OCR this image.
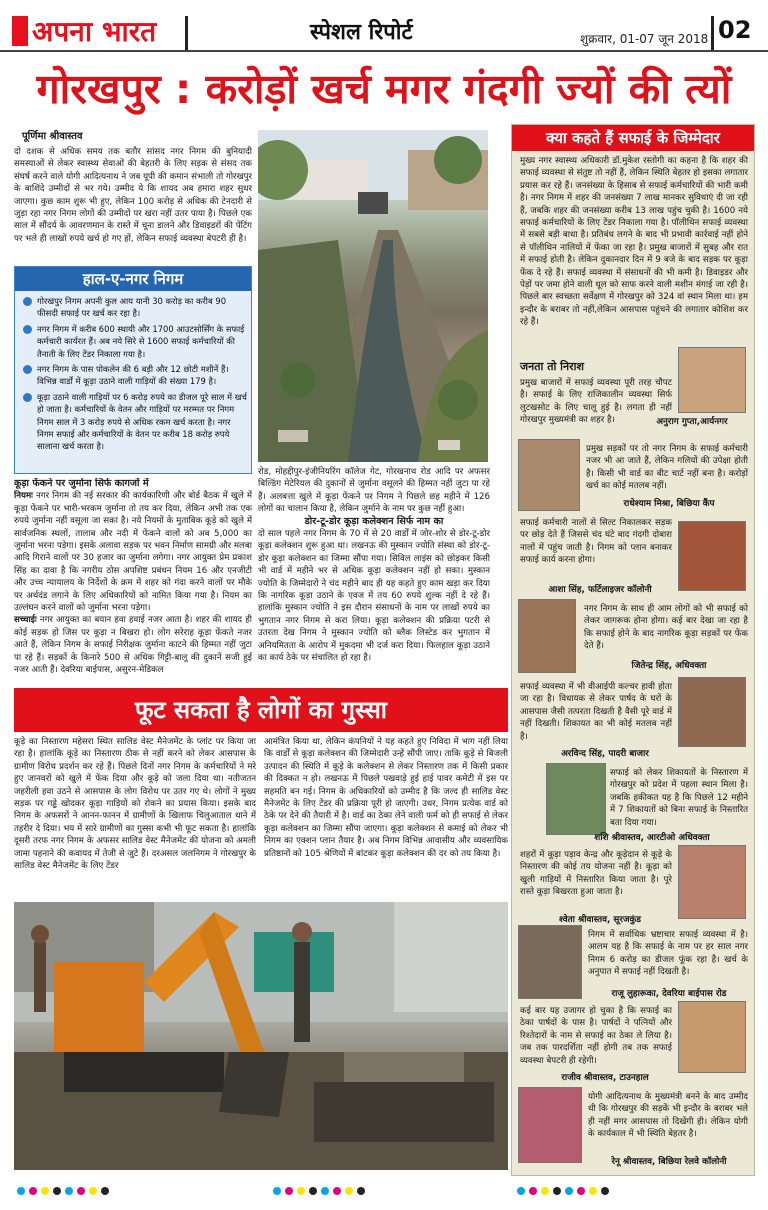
अपना भारत	स्पेशल रिपोर्ट	शुक्रवार, 01-07 जून 2018 02
गोरखपुर : करोड़ों खर्च मगर गंदगी ज्यों की त्यों
पूर्णिमा श्रीवास्तव
दो दशक से अधिक समय तक बतौर सांसद नगर निगम की बुनियादी समस्याओं से लेकर स्वास्थ्य सेवाओं की बेहतरी के लिए सड़क से संसद तक संघर्ष करने वाले योगी आदित्यनाथ ने जब यूपी की कमान संभाली तो गोरखपुर के बाशिंदे उम्मीदों से भर गये। उम्मीद ये कि शायद अब हमारा शहर सुधर जाएगा। कुछ काम शुरू भी हुए, लेकिन 100 करोड़ से अधिक की टेनदारी से जुड़ा रहा नगर निगम लोगों की उम्मीदों पर खरा नहीं उतर पाया है। पिछले एक साल में सौंदर्य के आवरणमान के रास्ते में चूना डालने और डिवाइडरों की पेंटिंग पर भले ही लाखों रुपये खर्च हो गए हों, लेकिन सफाई व्यवस्था बेपटरी ही है।
हाल-ए-नगर निगम
गोरखपुर निगम अपनी कुल आय यानी 30 करोड़ का करीब 90 फीसदी सफाई पर खर्च कर रहा है।
नगर निगम में करीब 600 स्थायी और 1700 आउटसोर्सिंग के सफाई कर्मचारी कार्यरत हैं। अब नये सिरे से 1600 सफाई कर्मचारियों की तैनाती के लिए टेंडर निकाला गया है।
नगर निगम के पास पोकलेन की 6 बड़ी और 12 छोटी मशीनें हैं। विभिन्न वार्डों में कूड़ा उठाने वाली गाड़ियों की संख्या 179 है।
कूड़ा उठाने वाली गाड़ियों पर 6 करोड़ रुपये का डीजल पूरे साल में खर्च हो जाता है। कर्मचारियों के वेतन और गाड़ियों पर मरम्मत पर निगम निगम साल में 3 करोड़ रुपये से अधिक रकम खर्च करता है। नगर निगम सफाई और कर्मचारियों के वेतन पर करीब 18 करोड़ रुपये सालाना खर्च करता है।
कूड़ा फेंकने पर जुर्माना सिर्फ कागजों में
नियमः नगर निगम की नई सरकार की कार्यकारिणी और बोर्ड बैठक में खुले में कूड़ा फेंकने पर भारी-भरकम जुर्माना तो तय कर दिया, लेकिन अभी तक एक रुपये जुर्माना नहीं वसूला जा सका है। नये नियमों के मुताबिक कूड़े को खुले में सार्वजनिक स्थलों, तालाब और नदी में फेंकने वालों को अब 5,000 का जुर्माना भरना पड़ेगा। इसके अलावा सड़क पर भवन निर्माण सामग्री और मलबा आदि गिराने वालों पर 30 हजार का जुर्माना लगेगा। नगर आयुक्त प्रेम प्रकाश सिंह का दावा है कि नगरीय ठोस अपशिष्ट प्रबंधन नियम 16 और एनजीटी और उच्च न्यायालय के निर्देशों के क्रम में शहर को गंदा करने वालों पर मौके पर अर्थदंड लगाने के लिए अधिकारियों को नामित किया गया है। नियम का उल्लंघन करने वालों को जुर्माना भरना पड़ेगा।
सच्चाईः नगर आयुक्त का बयान हवा हवाई नजर आता है। शहर की शायद ही कोई सड़क हो जिस पर कूड़ा न बिखरा हो। लोग सरेराह कूड़ा फेंकते नजर आते हैं, लेकिन निगम के सफाई निरीक्षक जुर्माना काटने की हिम्मत नहीं जुटा पा रहे हैं। सड़कों के किनारे 500 से अधिक गिट्टी-बालू की दुकानें सजी हुई नजर आती हैं। देवरिया बाईपास, असुरन-मेडिकल
रोड, मोहद्दीपुर-इंजीनियरिंग कॉलेज गेट, गोरखनाथ रोड आदि पर अफसर बिल्डिंग मेटेरियल की दुकानों से जुर्माना वसूलने की हिम्मत नहीं जुटा पा रहे हैं। अलबत्ता खुले में कूड़ा फेंकने पर निगम ने पिछले छह महीने में 126 लोगों का चालान किया है, लेकिन जुर्माने के नाम पर कुछ नहीं हुआ।
डोर-टू-डोर कूड़ा कलेक्शन सिर्फ नाम का
दो साल पहले नगर निगम के 70 में से 20 वार्डों में जोर-शोर से डोर-टू-डोर कूड़ा कलेक्शन शुरू हुआ था। लखनऊ की मुस्कान ज्योति संस्था को डोर-टू-डोर कूड़ा कलेक्शन का जिम्मा सौंपा गया। सिविल लाइंस को छोड़कर किसी भी वार्ड में महीने भर से अधिक कूड़ा कलेक्शन नहीं हो सका। मुस्कान ज्योति के जिम्मेदारों ने चंद महीने बाद ही यह कहते हुए काम खड़ा कर दिया कि नागरिक कूड़ा उठाने के एवज में तय 60 रुपये शुल्क नहीं दे रहे हैं। हालांकि मुस्कान ज्योति ने इस दौरान संसाधनों के नाम पर लाखों रुपये का भुगतान नगर निगम से करा लिया। कूड़ा कलेक्शन की प्रक्रिया पटरी से उतरता देख निगम ने मुस्कान ज्योति को ब्लैक लिस्टेड कर भुगतान में अनियमितता के आरोप में मुकदमा भी दर्ज करा दिया। फिलहाल कूड़ा उठाने का कार्य ठेके पर संचालित हो रहा है।
फूट सकता है लोगों का गुस्सा
कूड़े का निस्तारण महेसरा स्थित सालिड वेस्ट मैनेजमेंट के प्लांट पर किया जा रहा है। हालांकि कूड़े का निस्तारण ठीक से नहीं करने को लेकर आसपास के ग्रामीण विरोध प्रदर्शन कर रहे हैं। पिछले दिनों नगर निगम के कर्मचारियों ने मरे हुए जानवरों को खुले में फेंक दिया और कूड़े को जला दिया था। नतीजतन जहरीली हवा उठने से आसपास के लोग विरोध पर उतर गए थे। लोगों ने मुख्य सड़क पर गड्ढे खोदकर कूड़ा गाड़ियों को रोकने का प्रयास किया। इसके बाद निगम के अफसरों ने आनन-फानन में ग्रामीणों के खिलाफ चिलुआताल थाने में तहरीर दे दिया। भय में सारे ग्रामीणों का गुस्सा कभी भी फूट सकता है। हालांकि दूसरी तरफ नगर निगम के अफसर सालिड वेस्ट मैनेजमेंट की योजना को अमली जामा पहनाने की कवायद में तेजी से जुटे हैं। दरअसल जलनिगम ने गोरखपुर के सालिड वेस्ट मैनेजमेंट के लिए टेंडर
आमंत्रित किया था, लेकिन कंपनियों ने यह कहते हुए निविदा में भाग नहीं लिया कि वार्डों से कूड़ा कलेक्शन की जिम्मेदारी उन्हें सौंपी जाए। ताकि कूड़े से बिजली उत्पादन की स्थिति में कूड़े के कलेक्शन से लेकर निस्तारण तक में किसी प्रकार की दिक्कत न हो। लखनऊ में पिछले पखवाड़े हुई हाई पावर कमेटी में इस पर सहमति बन गई। निगम के अधिकारियों को उम्मीद है कि जल्द ही सालिड वेस्ट मैनेजमेंट के लिए टेंडर की प्रक्रिया पूरी हो जाएगी। उधर, निगम प्रत्येक वार्ड को ठेके पर देने की तैयारी में है। वार्ड का ठेका लेने वाली फर्म को ही सफाई से लेकर कूड़ा कलेक्शन का जिम्मा सौंपा जाएगा। कूड़ा कलेक्शन से कमाई को लेकर भी निगम का एक्शन प्लान तैयार है। अब निगम विभिन्न आवासीय और व्यवसायिक प्रतिष्ठानों को 105 श्रेणियों में बांटकर कूड़ा कलेक्शन की दर को तय किया है।
क्या कहते हैं सफाई के जिम्मेदार
मुख्य नगर स्वास्थ्य अधिकारी डॉ.मुकेश रस्तोगी का कहना है कि शहर की सफाई व्यवस्था से संतुष्ट तो नहीं हैं, लेकिन स्थिति बेहतर हो इसका लगातार प्रयास कर रहे हैं। जनसंख्या के हिसाब से सफाई कर्मचारियों की भारी कमी है। नगर निगम में शहर की जनसंख्या 7 लाख मानकर सुविधाएं दी जा रही हैं, जबकि शहर की जनसंख्या करीब 13 लाख पहुंच चुकी है। 1600 नये सफाई कर्मचारियों के लिए टेंडर निकाला गया है। पॉलीथिन सफाई व्यवस्था में सबसे बड़ी बाधा है। प्रतिबंध लगने के बाद भी प्रभावी कार्रवाई नहीं होने से पॉलीथिन नालियों में फेंका जा रहा है। प्रमुख बाजारों में सुबह और रात में सफाई होती है। लेकिन दुकानदार दिन में 9 बजे के बाद सड़क पर कूड़ा फेंक दे रहे हैं। सफाई व्यवस्था में संसाधनों की भी कमी है। डिवाइडर और पेड़ों पर जमा होने वाली धूल को साफ करने वाली मशीन मंगाई जा रही है। पिछले बार स्वच्छता सर्वेक्षण में गोरखपुर को 324 वां स्थान मिला था। हम इन्दौर के बराबर तो नहीं,लेकिन आसपास पहुंचने की लगातार कोशिश कर रहे हैं।
जनता तो निराश
प्रमुख बाजारों में सफाई व्यवस्था पूरी तरह चौपट है। सफाई के लिए राजिकालीन व्यवस्था सिर्फ लुटखसोट के लिए चालू हुई है। लगता ही नहीं गोरखपुर मुख्यमंत्री का शहर है।	अनुराग गुप्ता,आर्यनगर
प्रमुख सड़कों पर तो नगर निगम के सफाई कर्मचारी नजर भी आ जाते हैं, लेकिन गलियों की उपेक्षा होती है। किसी भी वार्ड का बीट चार्ट नहीं बना है। करोड़ों खर्च का कोई मतलब नहीं।
राधेश्याम मिश्रा, बिछिया कैंप
सफाई कर्मचारी नालों से सिल्ट निकालकर सड़क पर छोड़ देते हैं जिससे चंद घंटे बाद गंदगी दोबारा नालों में पहुंच जाती है। निगम को प्लान बनाकर सफाई कार्य करना होगा।
आशा सिंह, फर्टिलाइजर कॉलोनी
नगर निगम के साथ ही आम लोगों को भी सफाई को लेकर जागरूक होना होगा। कई बार देखा जा रहा है कि सफाई होने के बाद नागरिक कूड़ा सड़कों पर फेंक देते हैं।
जितेन्द्र सिंह, अधिवक्ता
सफाई व्यवस्था में भी वीआईपी कल्चर हावी होता जा रहा है। विधायक से लेकर पार्षद के घरों के आसपास जैसी तत्परता दिखती है वैसी पूरे वार्ड में नहीं दिखती। शिकायत का भी कोई मतलब नहीं है।
अरविन्द सिंह, पादरी बाजार
सफाई को लेकर शिकायतों के निस्तारण में गोरखपुर को प्रदेश में पहला स्थान मिला है। जबकि हकीकत यह है कि पिछले 12 महीने में 7 शिकायतों को बिना सफाई के निस्तारित बता दिया गया।
शशि श्रीवास्तव, आरटीओ अधिवक्ता
शहरों में कूड़ा पड़ाव केन्द्र और कूड़ेदान से कूड़े के निस्तारण की कोई तय योजना नहीं है। कूड़ा को खुली गाड़ियों में निस्तारित किया जाता है। पूरे रास्ते कूड़ा बिखरता हुआ जाता है।
श्वेता श्रीवास्तव, सूरजकुंड
निगम में सर्वाधिक भ्रष्टाचार सफाई व्यवस्था में है। आलम यह है कि सफाई के नाम पर हर साल नगर निगम 6 करोड़ का डीजल फूंक रहा है। खर्च के अनुपात में सफाई नहीं दिखती है।
राजू लुहारूका, देवरिया बाईपास रोड
कई बार यह उजागर हो चुका है कि सफाई का ठेका पार्षदों के पास है। पार्षदों ने पत्नियों और रिश्तेदारों के नाम से सफाई का ठेका ले लिया है। जब तक पारदर्शिता नहीं होगी तब तक सफाई व्यवस्था बेपटरी ही रहेगी।
राजीव श्रीवास्तव, टाउनहाल
योगी आदित्यनाथ के मुख्यमंत्री बनने के बाद उम्मीद थी कि गोरखपुर की सड़कें भी इन्दौर के बराबर भले ही नहीं मगर आसपास तो दिखेंगी ही। लेकिन योगी के कार्यकाल में भी स्थिति बेहतर है।
रेनू श्रीवास्तव, बिछिया रेलवे कॉलोनी
